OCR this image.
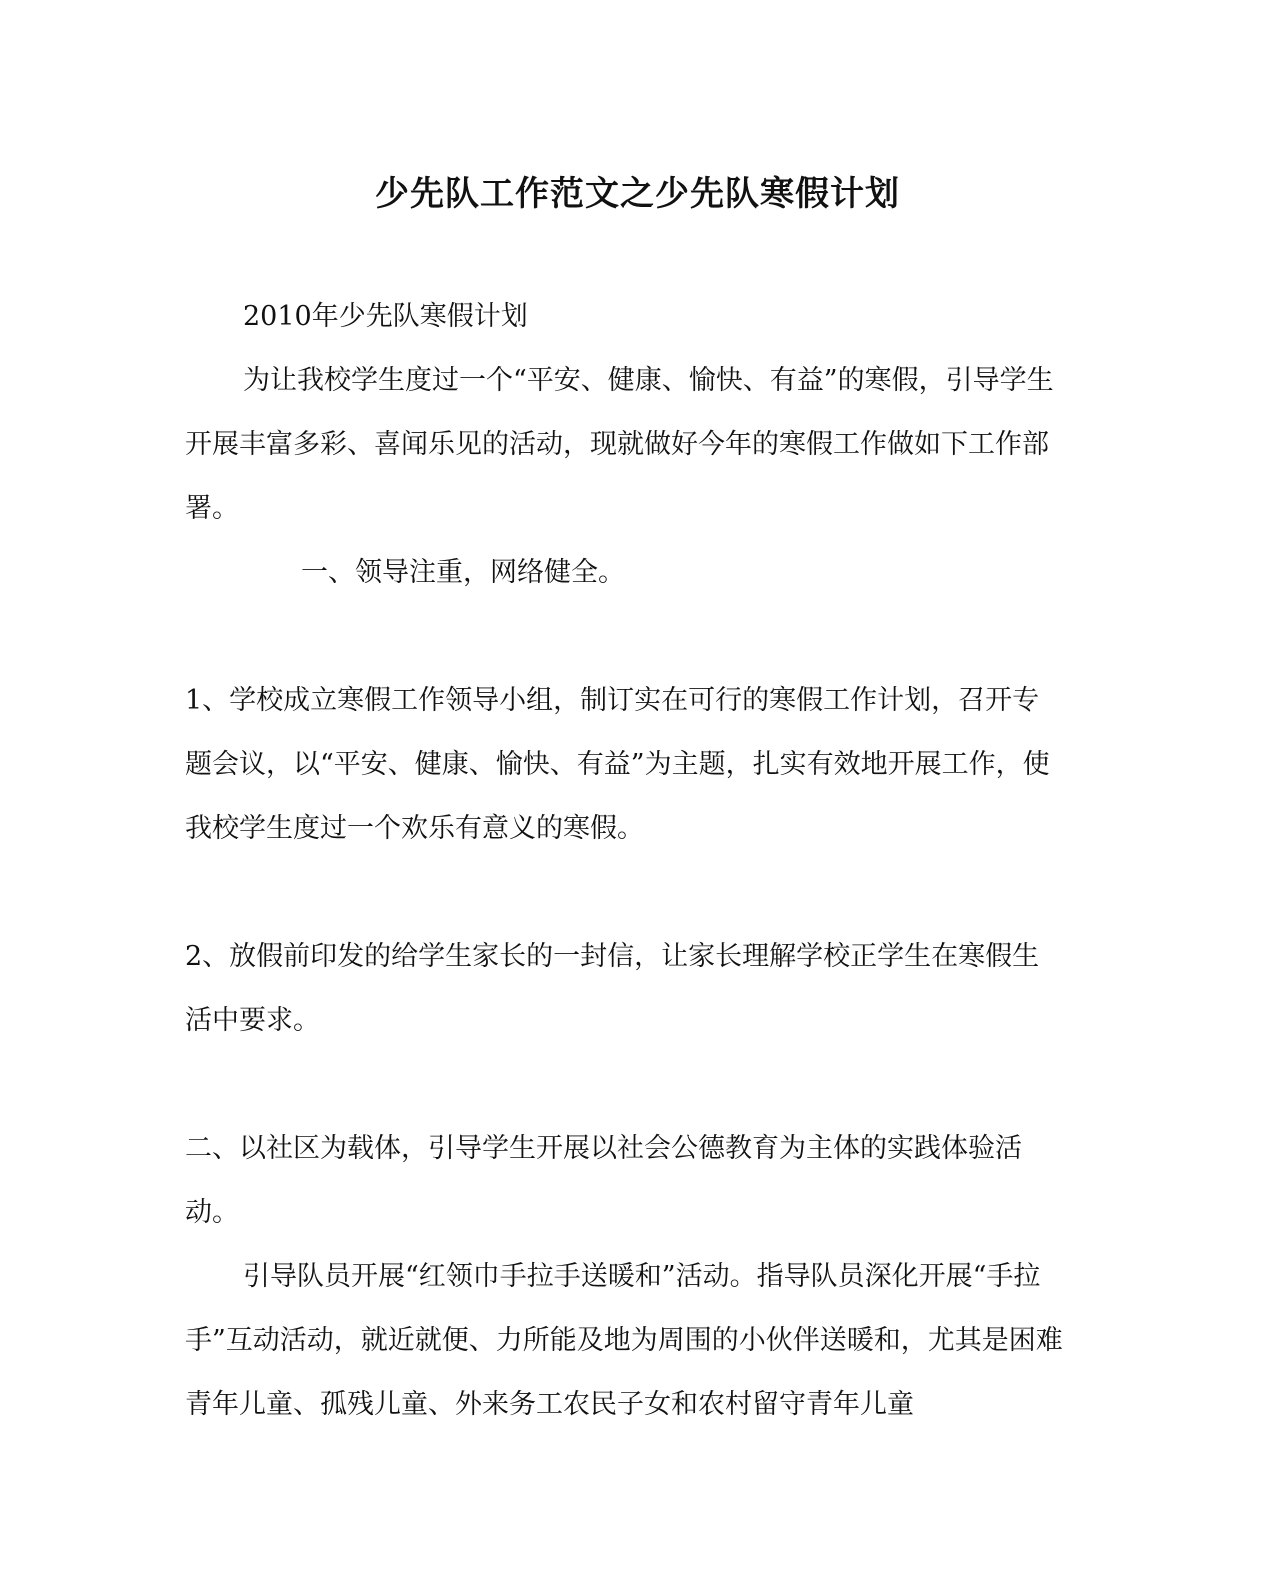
少先队工作范文之少先队寒假计划

2010年少先队寒假计划

为让我校学生度过一个“平安、健康、愉快、有益”的寒假，引导学生开展丰富多彩、喜闻乐见的活动，现就做好今年的寒假工作做如下工作部署。

一、领导注重，网络健全。

1、学校成立寒假工作领导小组，制订实在可行的寒假工作计划，召开专题会议，以“平安、健康、愉快、有益”为主题，扎实有效地开展工作，使我校学生度过一个欢乐有意义的寒假。

2、放假前印发的给学生家长的一封信，让家长理解学校正学生在寒假生活中要求。

二、以社区为载体，引导学生开展以社会公德教育为主体的实践体验活动。

引导队员开展“红领巾手拉手送暖和”活动。指导队员深化开展“手拉手”互动活动，就近就便、力所能及地为周围的小伙伴送暖和，尤其是困难青年儿童、孤残儿童、外来务工农民子女和农村留守青年儿童
